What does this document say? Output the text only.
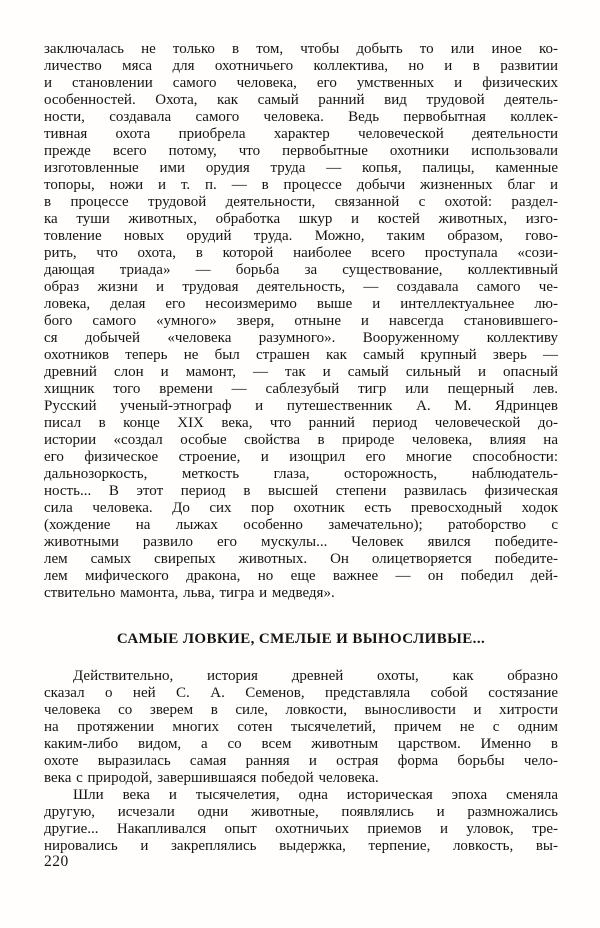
заключалась не только в том, чтобы добыть то или иное ко-
личество мяса для охотничьего коллектива, но и в развитии
и становлении самого человека, его умственных и физических
особенностей. Охота, как самый ранний вид трудовой деятель-
ности, создавала самого человека. Ведь первобытная коллек-
тивная охота приобрела характер человеческой деятельности
прежде всего потому, что первобытные охотники использовали
изготовленные ими орудия труда — копья, палицы, каменные
топоры, ножи и т. п. — в процессе добычи жизненных благ и
в процессе трудовой деятельности, связанной с охотой: раздел-
ка туши животных, обработка шкур и костей животных, изго-
товление новых орудий труда. Можно, таким образом, гово-
рить, что охота, в которой наиболее всего проступала «сози-
дающая триада» — борьба за существование, коллективный
образ жизни и трудовая деятельность, — создавала самого че-
ловека, делая его несоизмеримо выше и интеллектуальнее лю-
бого самого «умного» зверя, отныне и навсегда становившего-
ся добычей «человека разумного». Вооруженному коллективу
охотников теперь не был страшен как самый крупный зверь —
древний слон и мамонт, — так и самый сильный и опасный
хищник того времени — саблезубый тигр или пещерный лев.
Русский ученый-этнограф и путешественник А. М. Ядринцев
писал в конце XIX века, что ранний период человеческой до-
истории «создал особые свойства в природе человека, влияя на
его физическое строение, и изощрил его многие способности:
дальнозоркость, меткость глаза, осторожность, наблюдатель-
ность... В этот период в высшей степени развилась физическая
сила человека. До сих пор охотник есть превосходный ходок
(хождение на лыжах особенно замечательно); ратоборство с
животными развило его мускулы... Человек явился победите-
лем самых свирепых животных. Он олицетворяется победите-
лем мифического дракона, но еще важнее — он победил дей-
ствительно мамонта, льва, тигра и медведя».
САМЫЕ ЛОВКИЕ, СМЕЛЫЕ И ВЫНОСЛИВЫЕ...
Действительно, история древней охоты, как образно
сказал о ней С. А. Семенов, представляла собой состязание
человека со зверем в силе, ловкости, выносливости и хитрости
на протяжении многих сотен тысячелетий, причем не с одним
каким-либо видом, а со всем животным царством. Именно в
охоте выразилась самая ранняя и острая форма борьбы чело-
века с природой, завершившаяся победой человека.
Шли века и тысячелетия, одна историческая эпоха сменяла
другую, исчезали одни животные, появлялись и размножались
другие... Накапливался опыт охотничьих приемов и уловок, тре-
нировались и закреплялись выдержка, терпение, ловкость, вы-
220
